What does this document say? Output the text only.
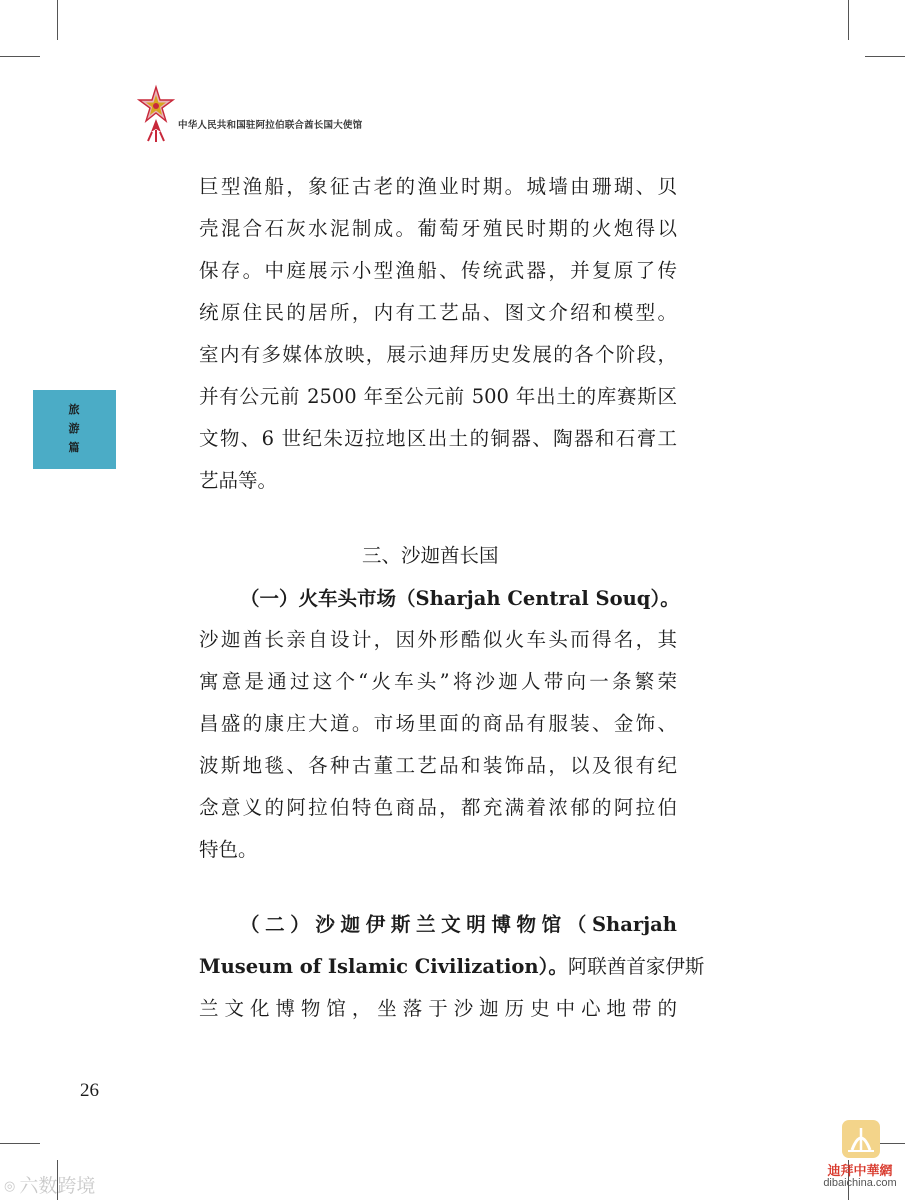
中华人民共和国驻阿拉伯联合酋长国大使馆
旅
游
篇
巨型渔船，象征古老的渔业时期。城墙由珊瑚、贝
壳混合石灰水泥制成。葡萄牙殖民时期的火炮得以
保存。中庭展示小型渔船、传统武器，并复原了传
统原住民的居所，内有工艺品、图文介绍和模型。
室内有多媒体放映，展示迪拜历史发展的各个阶段，
并有公元前 2500 年至公元前 500 年出土的库赛斯区
文物、6 世纪朱迈拉地区出土的铜器、陶器和石膏工
艺品等。
三、沙迦酋长国
（一）火车头市场（Sharjah Central Souq）。
沙迦酋长亲自设计，因外形酷似火车头而得名，其
寓意是通过这个“火车头”将沙迦人带向一条繁荣
昌盛的康庄大道。市场里面的商品有服装、金饰、
波斯地毯、各种古董工艺品和装饰品，以及很有纪
念意义的阿拉伯特色商品，都充满着浓郁的阿拉伯
特色。
（二）沙迦伊斯兰文明博物馆（Sharjah
Museum of Islamic Civilization）。阿联酋首家伊斯
兰文化博物馆，坐落于沙迦历史中心地带的
26
◎ 六数跨境
迪拜中華網
dibaichina.com
